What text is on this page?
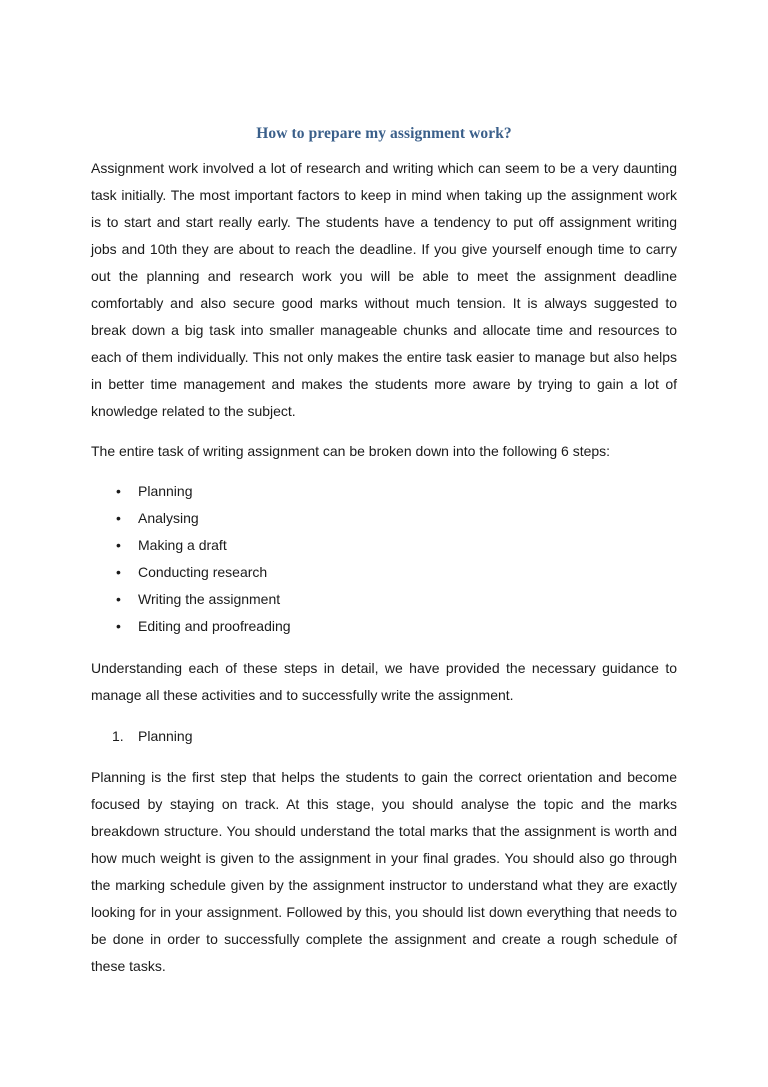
How to prepare my assignment work?

Assignment work involved a lot of research and writing which can seem to be a very daunting task initially. The most important factors to keep in mind when taking up the assignment work is to start and start really early. The students have a tendency to put off assignment writing jobs and 10th they are about to reach the deadline. If you give yourself enough time to carry out the planning and research work you will be able to meet the assignment deadline comfortably and also secure good marks without much tension. It is always suggested to break down a big task into smaller manageable chunks and allocate time and resources to each of them individually. This not only makes the entire task easier to manage but also helps in better time management and makes the students more aware by trying to gain a lot of knowledge related to the subject.

The entire task of writing assignment can be broken down into the following 6 steps:

• Planning
• Analysing
• Making a draft
• Conducting research
• Writing the assignment
• Editing and proofreading

Understanding each of these steps in detail, we have provided the necessary guidance to manage all these activities and to successfully write the assignment.

1. Planning

Planning is the first step that helps the students to gain the correct orientation and become focused by staying on track. At this stage, you should analyse the topic and the marks breakdown structure. You should understand the total marks that the assignment is worth and how much weight is given to the assignment in your final grades. You should also go through the marking schedule given by the assignment instructor to understand what they are exactly looking for in your assignment. Followed by this, you should list down everything that needs to be done in order to successfully complete the assignment and create a rough schedule of these tasks.
